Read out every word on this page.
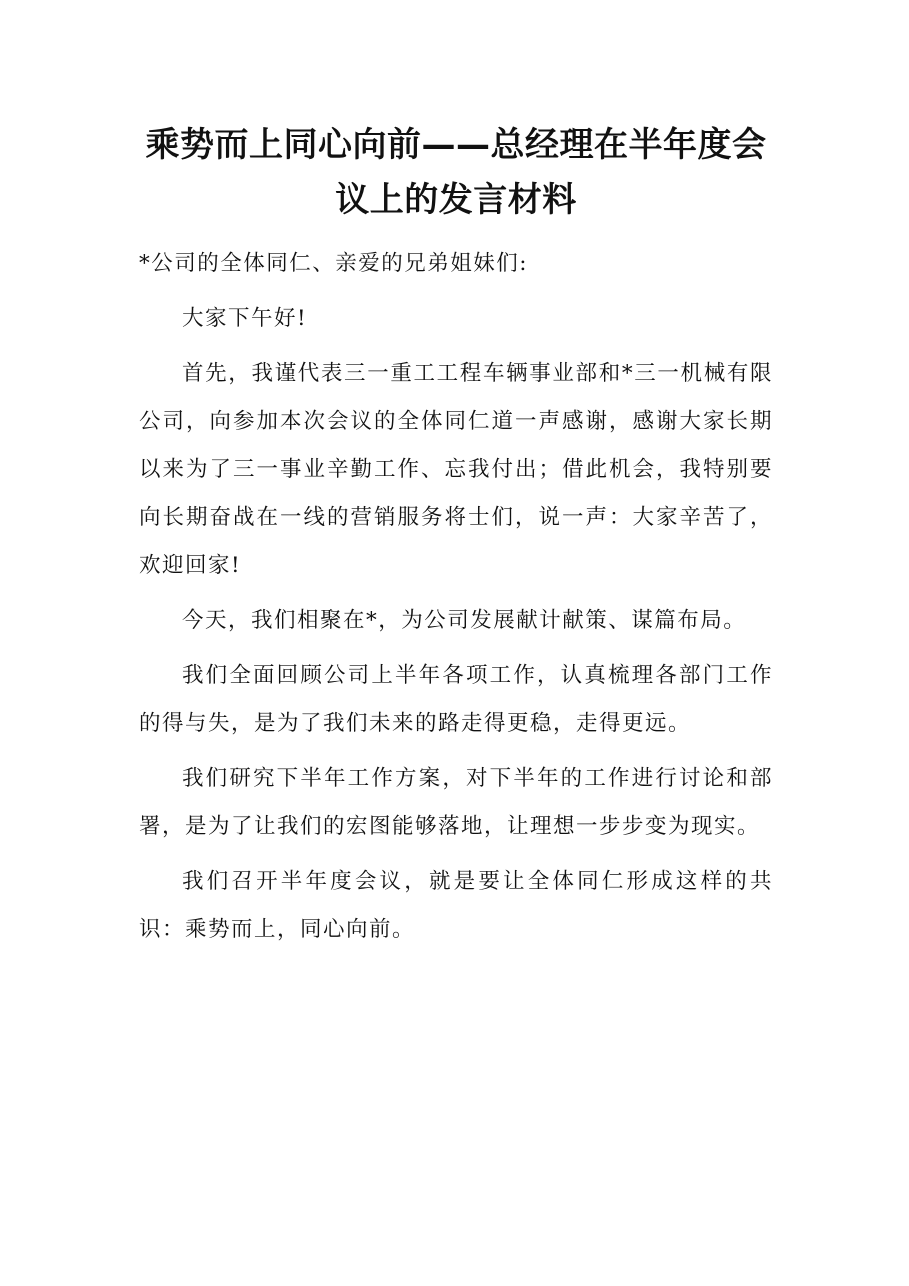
乘势而上同心向前——总经理在半年度会议上的发言材料

*公司的全体同仁、亲爱的兄弟姐妹们:

大家下午好!

首先，我谨代表三一重工工程车辆事业部和*三一机械有限公司，向参加本次会议的全体同仁道一声感谢，感谢大家长期以来为了三一事业辛勤工作、忘我付出；借此机会，我特别要向长期奋战在一线的营销服务将士们，说一声：大家辛苦了，欢迎回家!

今天，我们相聚在*，为公司发展献计献策、谋篇布局。

我们全面回顾公司上半年各项工作，认真梳理各部门工作的得与失，是为了我们未来的路走得更稳，走得更远。

我们研究下半年工作方案，对下半年的工作进行讨论和部署，是为了让我们的宏图能够落地，让理想一步步变为现实。

我们召开半年度会议，就是要让全体同仁形成这样的共识：乘势而上，同心向前。
